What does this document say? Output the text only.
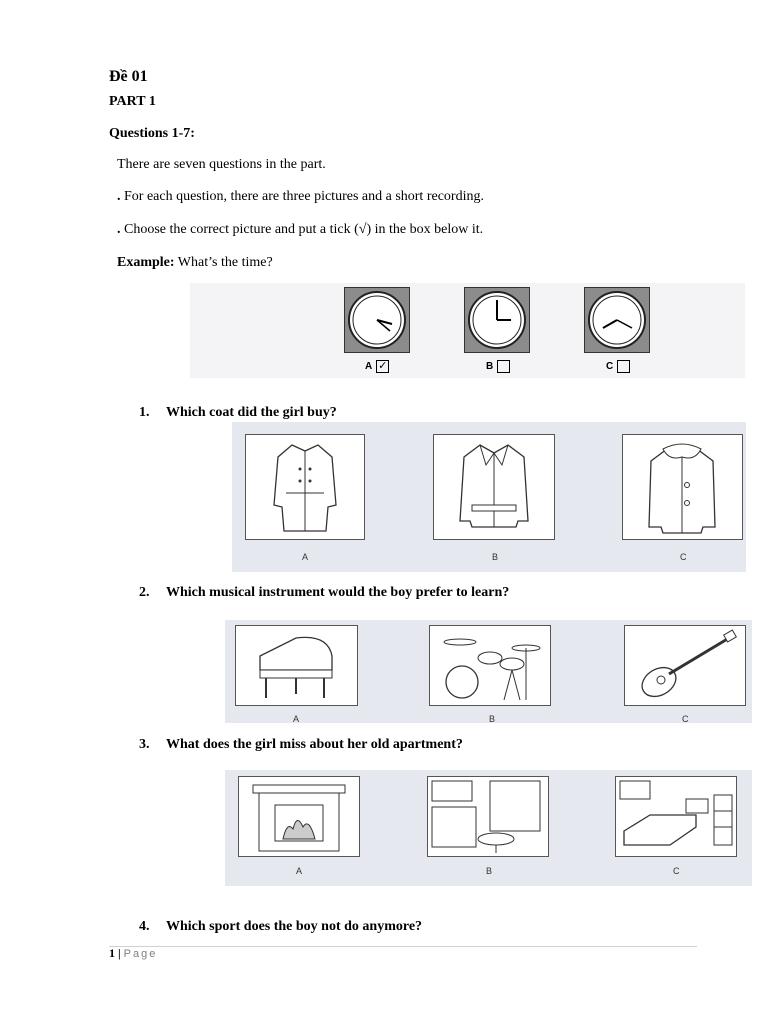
Đề 01
PART 1
Questions 1-7:
There are seven questions in the part.
. For each question, there are three pictures and a short recording.
. Choose the correct picture and put a tick (√) in the box below it.
Example: What’s the time?
A ✓	B	C
1. Which coat did the girl buy?
A	B	C
2. Which musical instrument would the boy prefer to learn?
A	B	C
3. What does the girl miss about her old apartment?
A	B	C
4. Which sport does the boy not do anymore?
1 | Page
